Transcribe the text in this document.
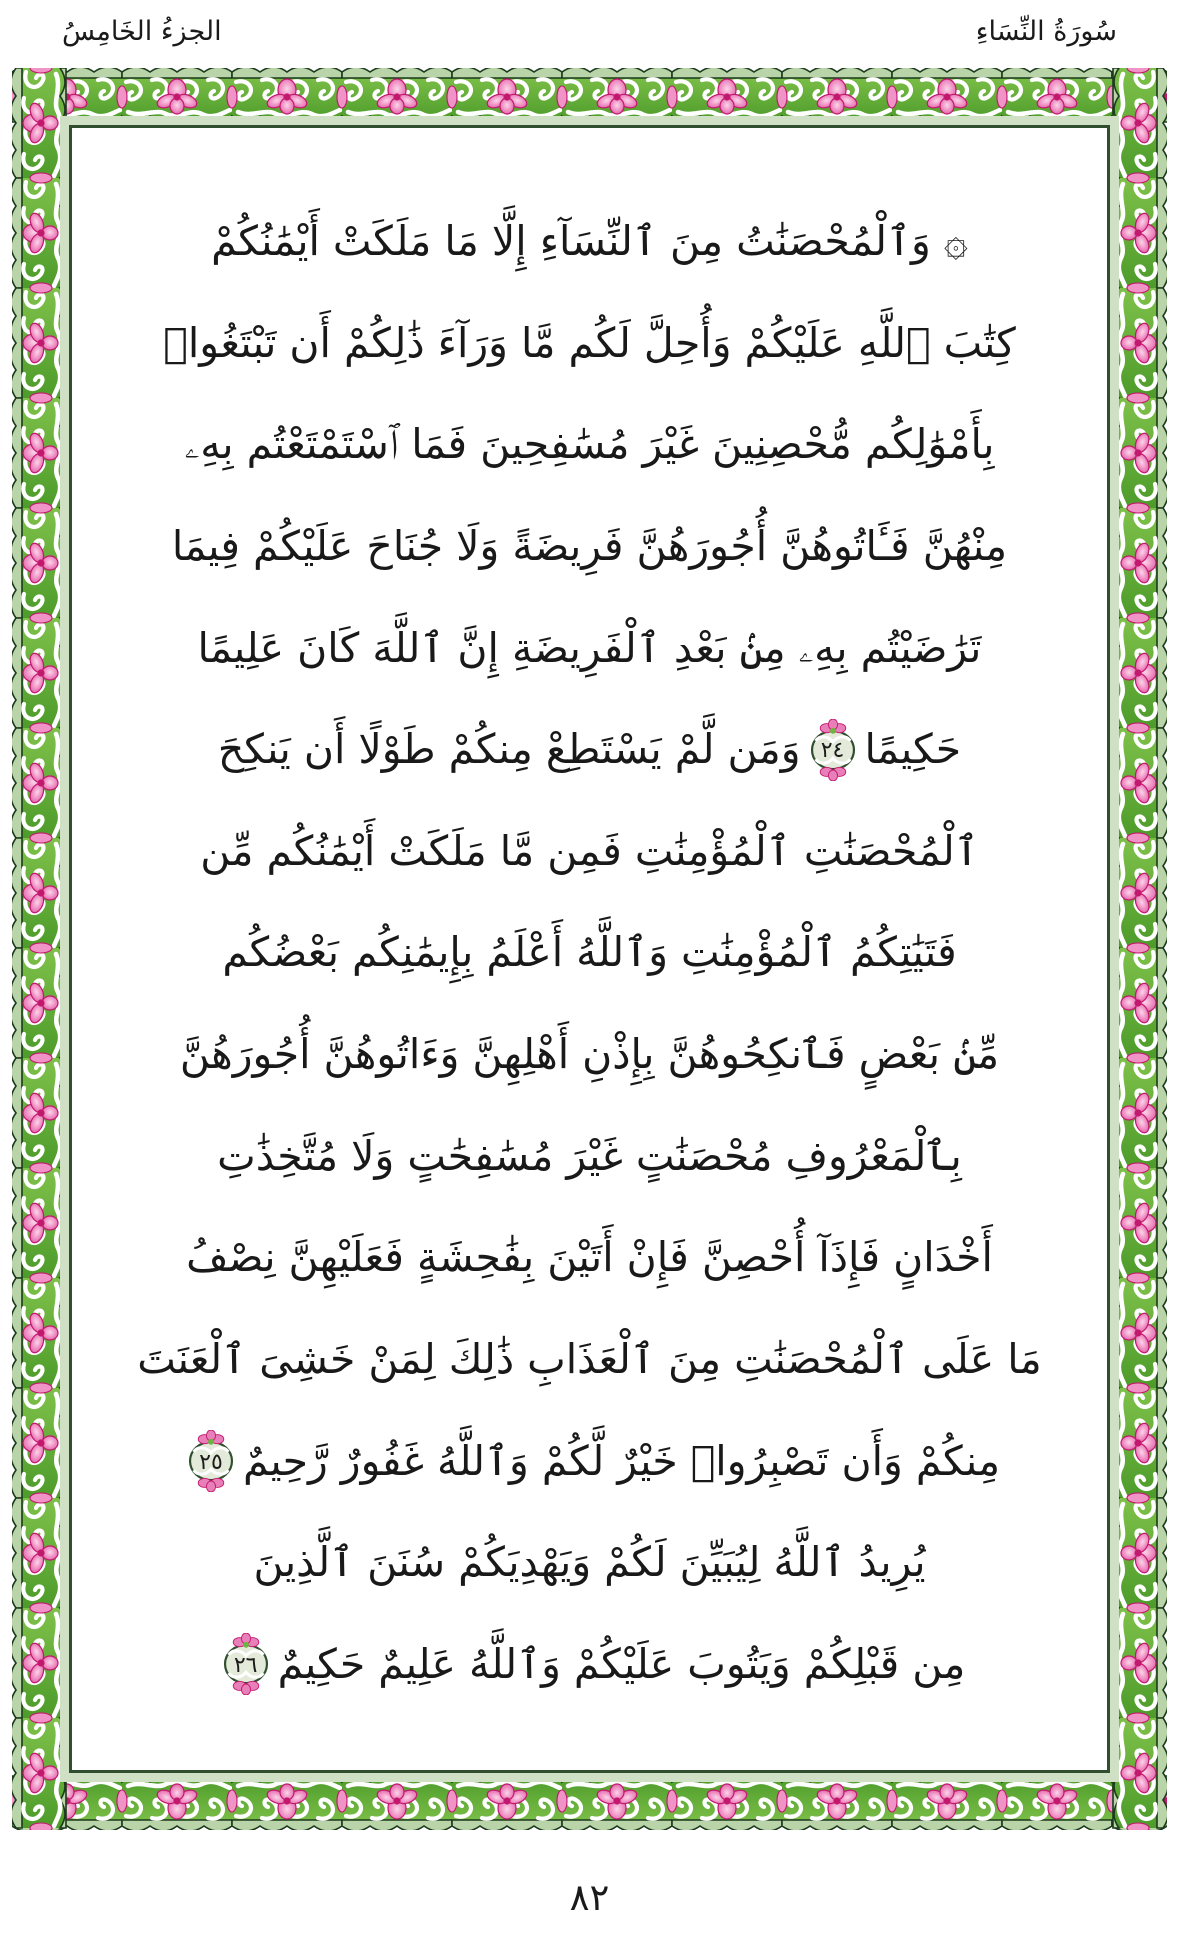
سُورَةُ النِّسَاءِ
الجزءُ الخَامِسُ
۞ وَٱلْمُحْصَنَٰتُ مِنَ ٱلنِّسَآءِ إِلَّا مَا مَلَكَتْ أَيْمَٰنُكُمْ
كِتَٰبَ ٱللَّهِ عَلَيْكُمْ وَأُحِلَّ لَكُم مَّا وَرَآءَ ذَٰلِكُمْ أَن تَبْتَغُوا۟
بِأَمْوَٰلِكُم مُّحْصِنِينَ غَيْرَ مُسَٰفِحِينَ فَمَا ٱسْتَمْتَعْتُم بِهِۦ
مِنْهُنَّ فَـَٔاتُوهُنَّ أُجُورَهُنَّ فَرِيضَةً وَلَا جُنَاحَ عَلَيْكُمْ فِيمَا
تَرَٰضَيْتُم بِهِۦ مِنۢ بَعْدِ ٱلْفَرِيضَةِ إِنَّ ٱللَّهَ كَانَ عَلِيمًا
حَكِيمًا
٢٤
وَمَن لَّمْ يَسْتَطِعْ مِنكُمْ طَوْلًا أَن يَنكِحَ
ٱلْمُحْصَنَٰتِ ٱلْمُؤْمِنَٰتِ فَمِن مَّا مَلَكَتْ أَيْمَٰنُكُم مِّن
فَتَيَٰتِكُمُ ٱلْمُؤْمِنَٰتِ وَٱللَّهُ أَعْلَمُ بِإِيمَٰنِكُم بَعْضُكُم
مِّنۢ بَعْضٍ فَٱنكِحُوهُنَّ بِإِذْنِ أَهْلِهِنَّ وَءَاتُوهُنَّ أُجُورَهُنَّ
بِٱلْمَعْرُوفِ مُحْصَنَٰتٍ غَيْرَ مُسَٰفِحَٰتٍ وَلَا مُتَّخِذَٰتِ
أَخْدَانٍ فَإِذَآ أُحْصِنَّ فَإِنْ أَتَيْنَ بِفَٰحِشَةٍ فَعَلَيْهِنَّ نِصْفُ
مَا عَلَى ٱلْمُحْصَنَٰتِ مِنَ ٱلْعَذَابِ ذَٰلِكَ لِمَنْ خَشِىَ ٱلْعَنَتَ
مِنكُمْ وَأَن تَصْبِرُوا۟ خَيْرٌ لَّكُمْ وَٱللَّهُ غَفُورٌ رَّحِيمٌ
٢٥
يُرِيدُ ٱللَّهُ لِيُبَيِّنَ لَكُمْ وَيَهْدِيَكُمْ سُنَنَ ٱلَّذِينَ
مِن قَبْلِكُمْ وَيَتُوبَ عَلَيْكُمْ وَٱللَّهُ عَلِيمٌ حَكِيمٌ
٢٦
٨٢
